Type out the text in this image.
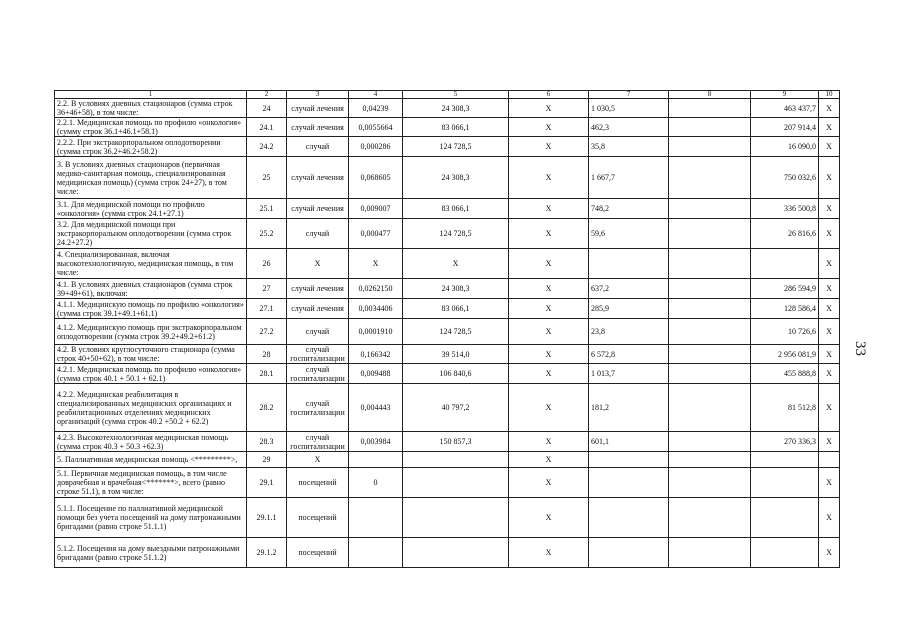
33
1	2	3	4	5	6	7	8	9	10
2.2. В условиях дневных стационаров (сумма строк 36+46+58), в том числе:	24	случай лечения	0,04239	24 308,3	X	1 030,5		463 437,7	X
2.2.1. Медицинская помощь по профилю «онкология» (сумму строк 36.1+46.1+58.1)	24.1	случай лечения	0,0055664	83 066,1	X	462,3		207 914,4	X
2.2.2. При экстракорпоральном оплодотворении (сумма строк 36.2+46.2+58.2)	24.2	случай	0,000286	124 728,5	X	35,8		16 090,0	X
3. В условиях дневных стационаров (первичная медико-санитарная помощь, специализированная медицинская помощь) (сумма строк 24+27), в том числе:	25	случай лечения	0,068605	24 308,3	X	1 667,7		750 032,6	X
3.1. Для медицинской помощи по профилю «онкология» (сумма строк 24.1+27.1)	25.1	случай лечения	0,009007	83 066,1	X	748,2		336 500,8	X
3.2. Для медицинской помощи при экстракорпоральном оплодотворении (сумма строк 24.2+27.2)	25.2	случай	0,000477	124 728,5	X	59,6		26 816,6	X
4. Специализированная, включая высокотехнологичную, медицинская помощь, в том числе:	26	X	X	X	X				X
4.1. В условиях дневных стационаров (сумма строк 39+49+61), включая:	27	случай лечения	0,0262150	24 308,3	X	637,2		286 594,9	X
4.1.1. Медицинскую помощь по профилю «онкология» (сумма строк 39.1+49.1+61.1)	27.1	случай лечения	0,0034406	83 066,1	X	285,9		128 586,4	X
4.1.2. Медицинскую помощь при экстракорпоральном оплодотворении (сумма строк 39.2+49.2+61.2)	27.2	случай	0,0001910	124 728,5	X	23,8		10 726,6	X
4.2. В условиях круглосуточного стационара (сумма строк 40+50+62), в том числе:	28	случай госпитализации	0,166342	39 514,0	X	6 572,8		2 956 081,9	X
4.2.1. Медицинская помощь по профилю «онкология» (сумма строк 40.1 + 50.1 + 62.1)	28.1	случай госпитализации	0,009488	106 840,6	X	1 013,7		455 888,8	X
4.2.2. Медицинская реабилитация в специализированных медицинских организациях и реабилитационных отделениях медицинских организаций (сумма строк 40.2 +50.2 + 62.2)	28.2	случай госпитализации	0,004443	40 797,2	X	181,2		81 512,8	X
4.2.3. Высокотехнологичная медицинская помощь (сумма строк 40.3 + 50.3 +62.3)	28.3	случай госпитализации	0,003984	150 857,3	X	601,1		270 336,3	X
5. Паллиативная медицинская помощь <*********>,	29	X			X				
5.1. Первичная медицинская помощь, в том числе доврачебная и врачебная<*******>, всего (равно строке 51.1), в том числе:	29.1	посещений	0		X				X
5.1.1. Посещение по паллиативной медицинской помощи без учета посещений на дому патронажными бригадами (равно строке 51.1.1)	29.1.1	посещений			X				X
5.1.2. Посещения на дому выездными патронажными бригадами (равно строке 51.1.2)	29.1.2	посещений			X				X
